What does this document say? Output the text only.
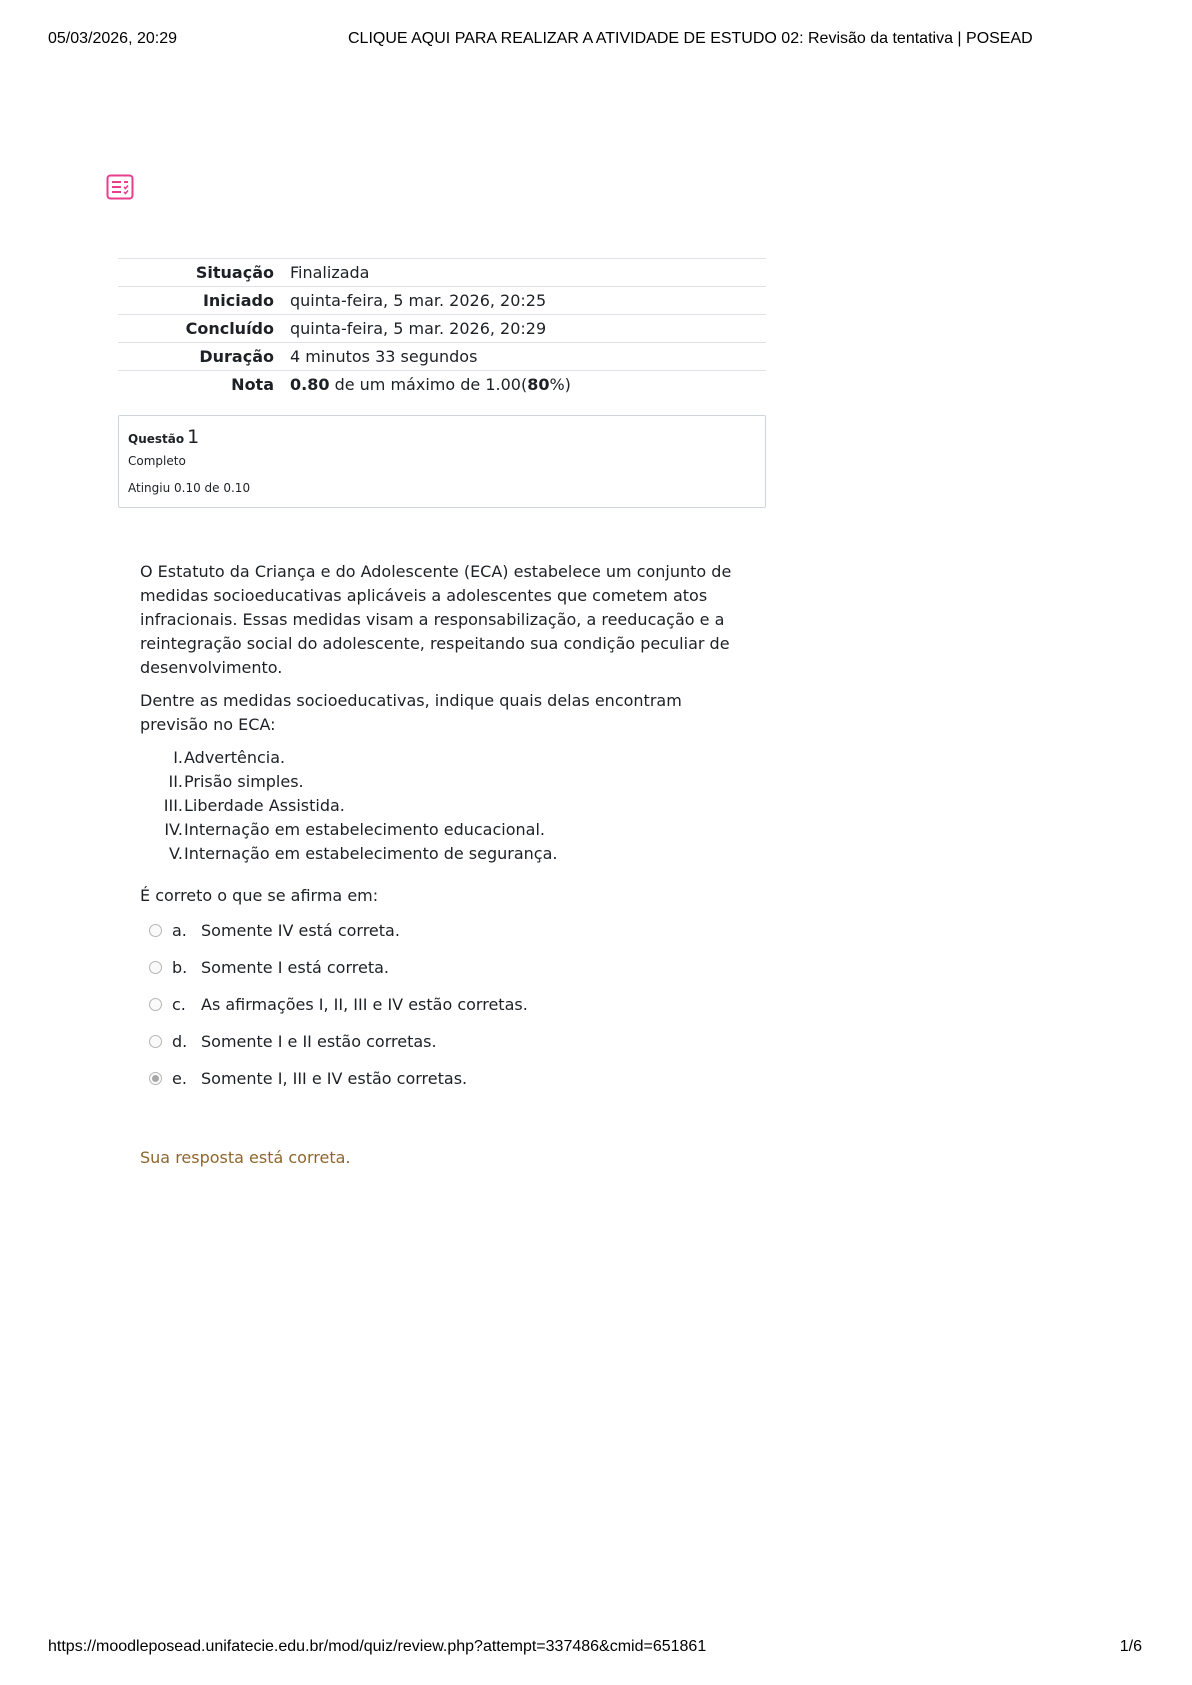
05/03/2026, 20:29	CLIQUE AQUI PARA REALIZAR A ATIVIDADE DE ESTUDO 02: Revisão da tentativa | POSEAD
Situação	Finalizada
Iniciado	quinta-feira, 5 mar. 2026, 20:25
Concluído	quinta-feira, 5 mar. 2026, 20:29
Duração	4 minutos 33 segundos
Nota	0.80 de um máximo de 1.00(80%)
Questão 1
Completo
Atingiu 0.10 de 0.10

O Estatuto da Criança e do Adolescente (ECA) estabelece um conjunto de medidas socioeducativas aplicáveis a adolescentes que cometem atos infracionais. Essas medidas visam a responsabilização, a reeducação e a reintegração social do adolescente, respeitando sua condição peculiar de desenvolvimento.

Dentre as medidas socioeducativas, indique quais delas encontram previsão no ECA:

I. Advertência.
II. Prisão simples.
III. Liberdade Assistida.
IV. Internação em estabelecimento educacional.
V. Internação em estabelecimento de segurança.

É correto o que se afirma em:

a. Somente IV está correta.
b. Somente I está correta.
c. As afirmações I, II, III e IV estão corretas.
d. Somente I e II estão corretas.
e. Somente I, III e IV estão corretas.
Sua resposta está correta.
https://moodleposead.unifatecie.edu.br/mod/quiz/review.php?attempt=337486&cmid=651861	1/6
